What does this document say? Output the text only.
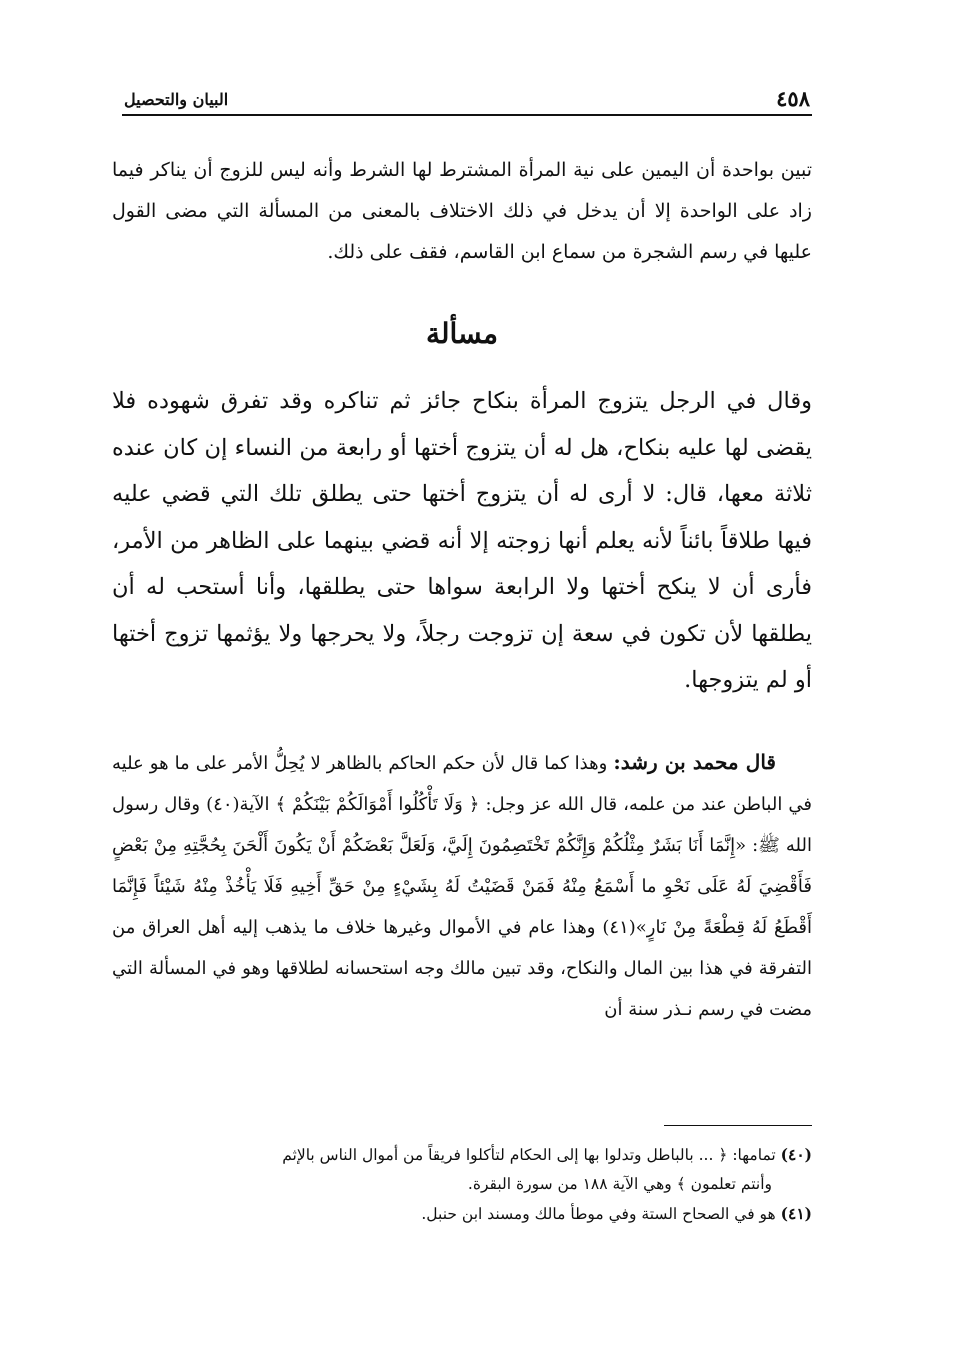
٤٥٨
البيان والتحصيل

تبين بواحدة أن اليمين على نية المرأة المشترط لها الشرط وأنه ليس للزوج أن يناكر فيما زاد على الواحدة إلا أن يدخل في ذلك الاختلاف بالمعنى من المسألة التي مضى القول عليها في رسم الشجرة من سماع ابن القاسم، فقف على ذلك.

مسألة

وقال في الرجل يتزوج المرأة بنكاح جائز ثم تناكره وقد تفرق شهوده فلا يقضى لها عليه بنكاح، هل له أن يتزوج أختها أو رابعة من النساء إن كان عنده ثلاثة معها، قال: لا أرى له أن يتزوج أختها حتى يطلق تلك التي قضي عليه فيها طلاقاً بائناً لأنه يعلم أنها زوجته إلا أنه قضي بينهما على الظاهر من الأمر، فأرى أن لا ينكح أختها ولا الرابعة سواها حتى يطلقها، وأنا أستحب له أن يطلقها لأن تكون في سعة إن تزوجت رجلاً، ولا يحرجها ولا يؤثمها تزوج أختها أو لم يتزوجها.

قال محمد بن رشد: وهذا كما قال لأن حكم الحاكم بالظاهر لا يُحِلُّ الأمر على ما هو عليه في الباطن عند من علمه، قال الله عز وجل: ﴿ وَلَا تَأْكُلُوا أَمْوَالَكُمْ بَيْنَكُمْ ﴾ الآية(٤٠) وقال رسول الله ﷺ: «إِنَّمَا أَنَا بَشَرٌ مِثْلُكُمْ وَإِنَّكُمْ تَخْتَصِمُونَ إِلَيَّ، وَلَعَلَّ بَعْضَكُمْ أَنْ يَكُونَ أَلْحَنَ بِحُجَّتِهِ مِنْ بَعْضٍ فَأَقْضِيَ لَهُ عَلَى نَحْوِ ما أَسْمَعُ مِنْهُ فَمَنْ قَضَيْتُ لَهُ بِشَيْءٍ مِنْ حَقِّ أَخِيهِ فَلَا يَأْخُذْ مِنْهُ شَيْئاً فَإِنَّمَا أَقْطَعُ لَهُ قِطْعَةً مِنْ نَارٍ»(٤١) وهذا عام في الأموال وغيرها خلاف ما يذهب إليه أهل العراق من التفرقة في هذا بين المال والنكاح، وقد تبين مالك وجه استحسانه لطلاقها وهو في المسألة التي مضت في رسم نـذر سنة أن

(٤٠) تمامها: ﴿ ... بالباطل وتدلوا بها إلى الحكام لتأكلوا فريقاً من أموال الناس بالإثم

وأنتم تعلمون ﴾ وهي الآية ١٨٨ من سورة البقرة.

(٤١) هو في الصحاح الستة وفي موطأ مالك ومسند ابن حنبل.
